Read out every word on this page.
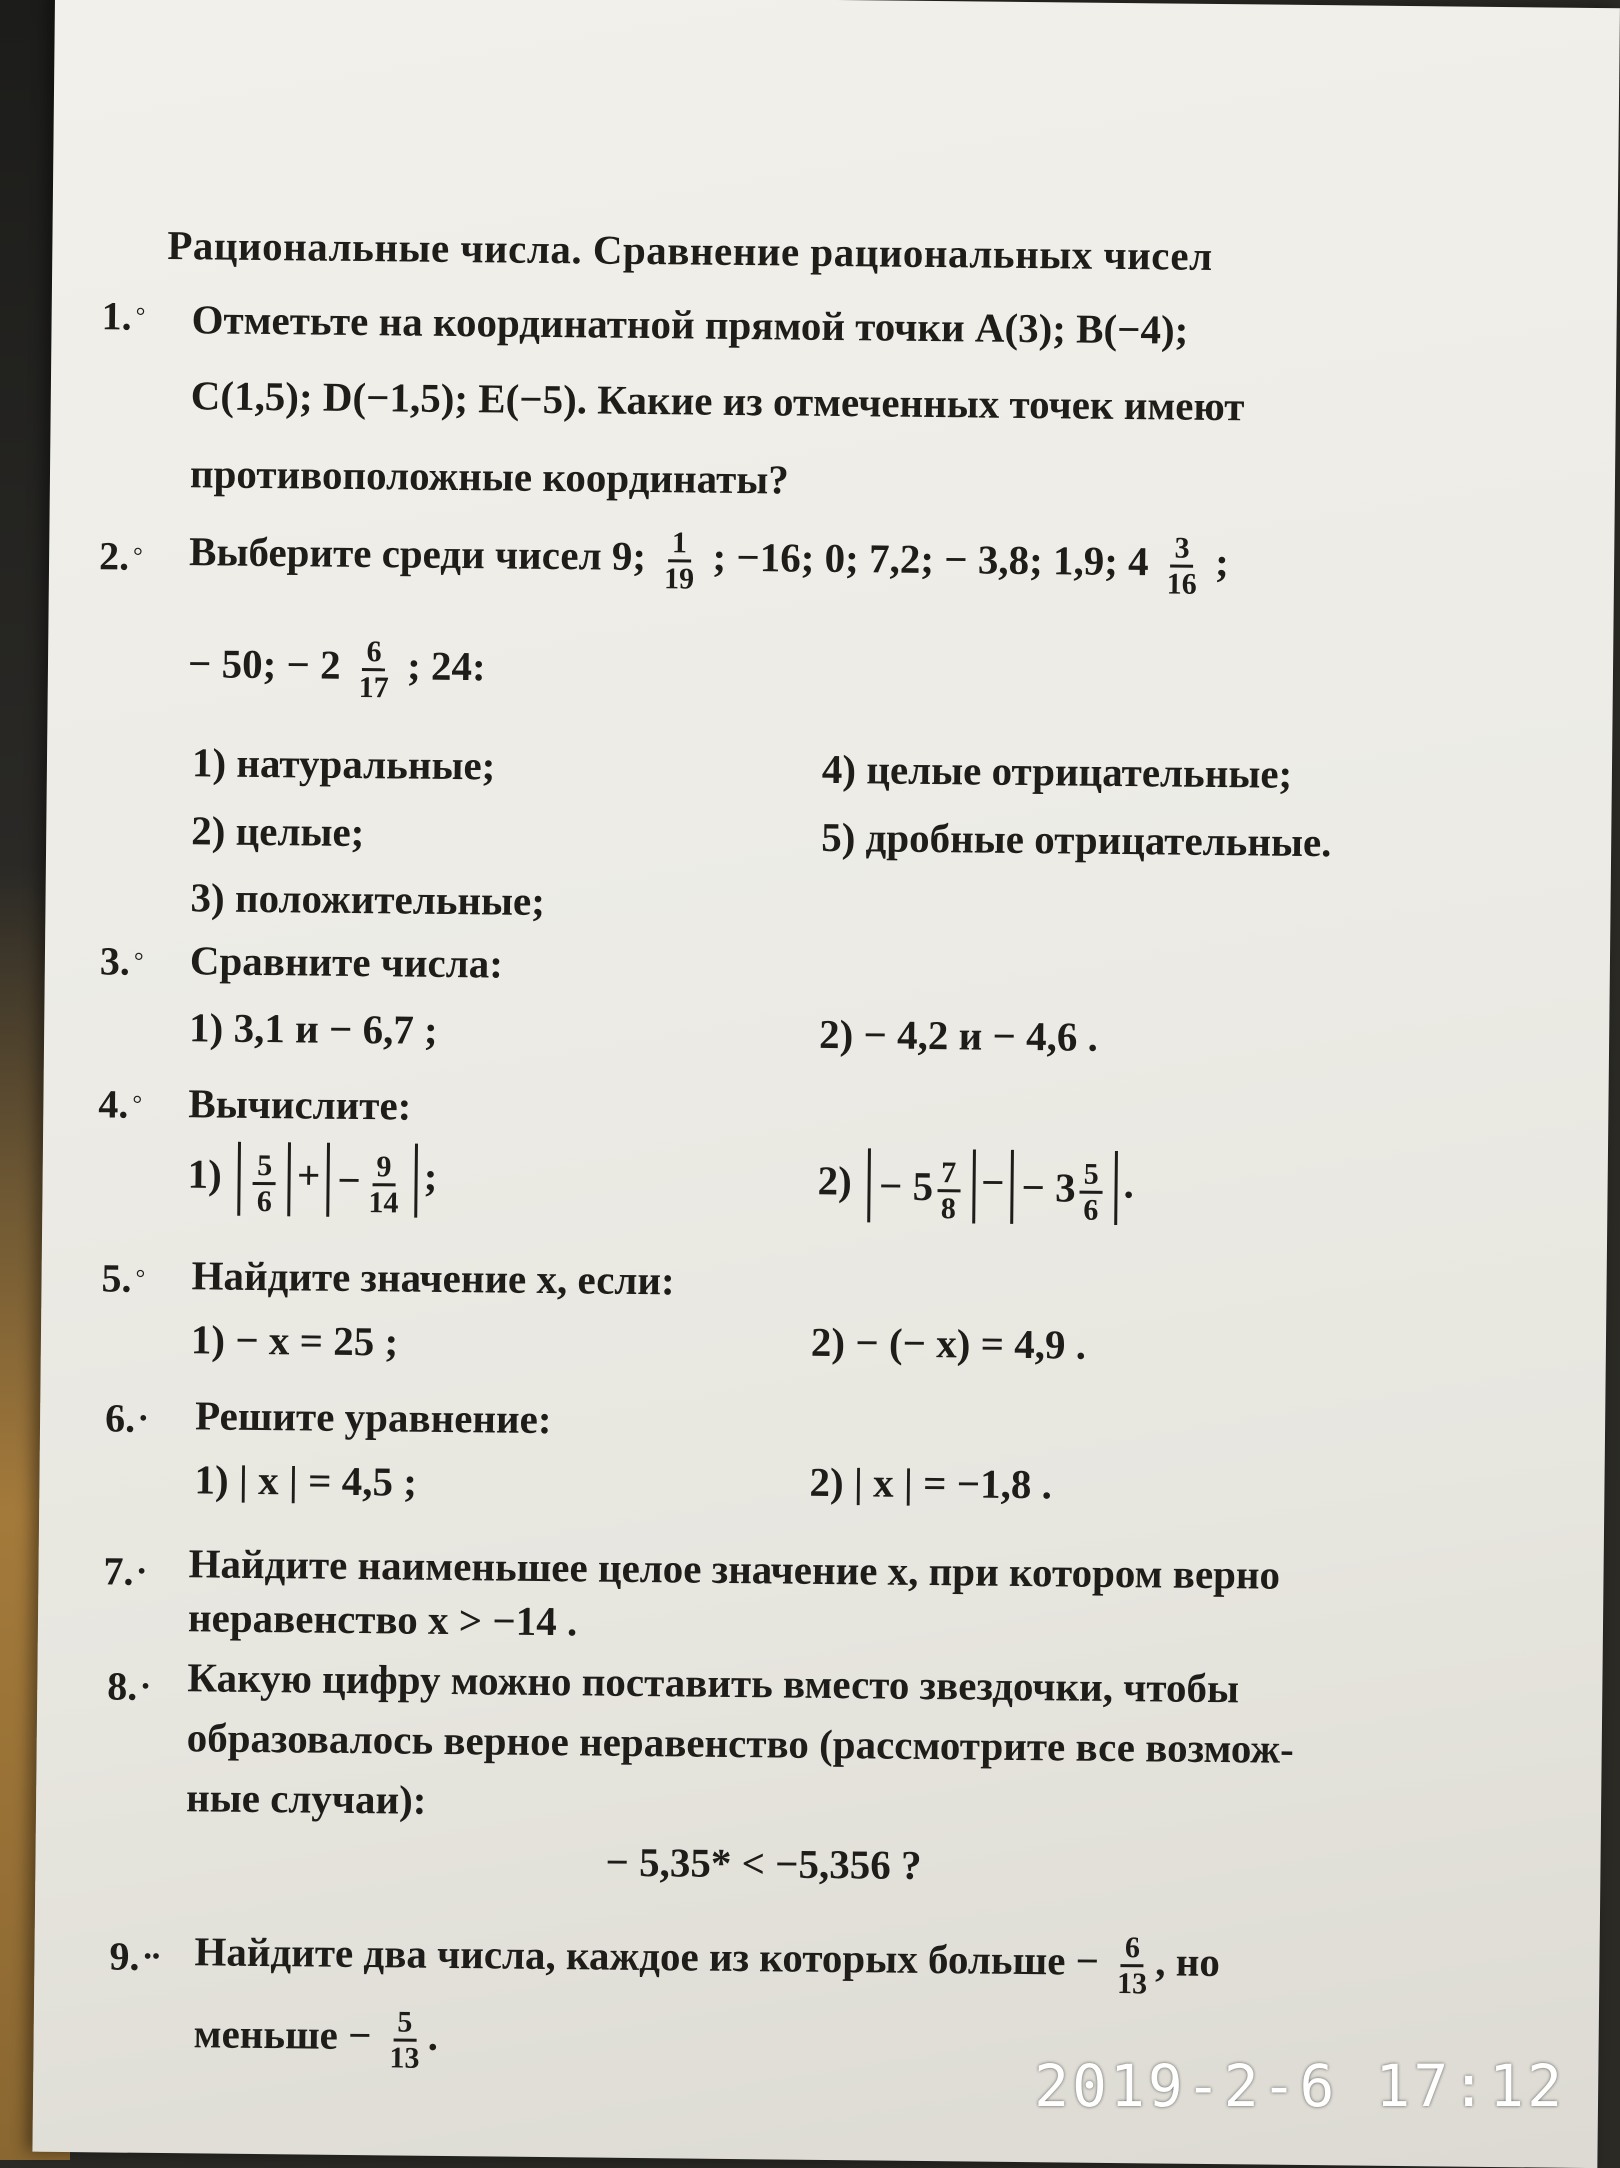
Рациональные числа. Сравнение рациональных чисел
1. ° Отметьте на координатной прямой точки A(3); B(−4);
C(1,5); D(−1,5); E(−5). Какие из отмеченных точек имеют
противоположные координаты?
2. ° Выберите среди чисел 9; $\frac{1}{19}$ ; −16; 0; 7,2; − 3,8; 1,9; $4 \frac{3}{16}$ ;
− 50; − $2 \frac{6}{17}$ ; 24:
1) натуральные;
2) целые;
3) положительные;
4) целые отрицательные;
5) дробные отрицательные.
3. ° Сравните числа:
1) 3,1 и − 6,7 ;	2) − 4,2 и − 4,6 .
4. ° Вычислите:
$1) \frac{5}{6}$ + − $\frac{9}{14}$ ;	$2) - 5 \frac{7}{8}$ − − $3 \frac{5}{6}$ .
5. ° Найдите значение x, если:
1) − x = 25 ;	2) − (− x) = 4,9 .
6. • Решите уравнение:
1) | x | = 4,5 ;	2) | x | = −1,8 .
7. • Найдите наименьшее целое значение x, при котором верно
неравенство x > −14 .
8. • Какую цифру можно поставить вместо звездочки, чтобы
образовалось верное неравенство (рассмотрите все возмож-
ные случаи):
− 5,35* < −5,356 ?
9. •• Найдите два числа, каждое из которых больше − $\frac{6}{13}$ , но
меньше − $\frac{5}{13}$ .
2019-2-6 17:12
